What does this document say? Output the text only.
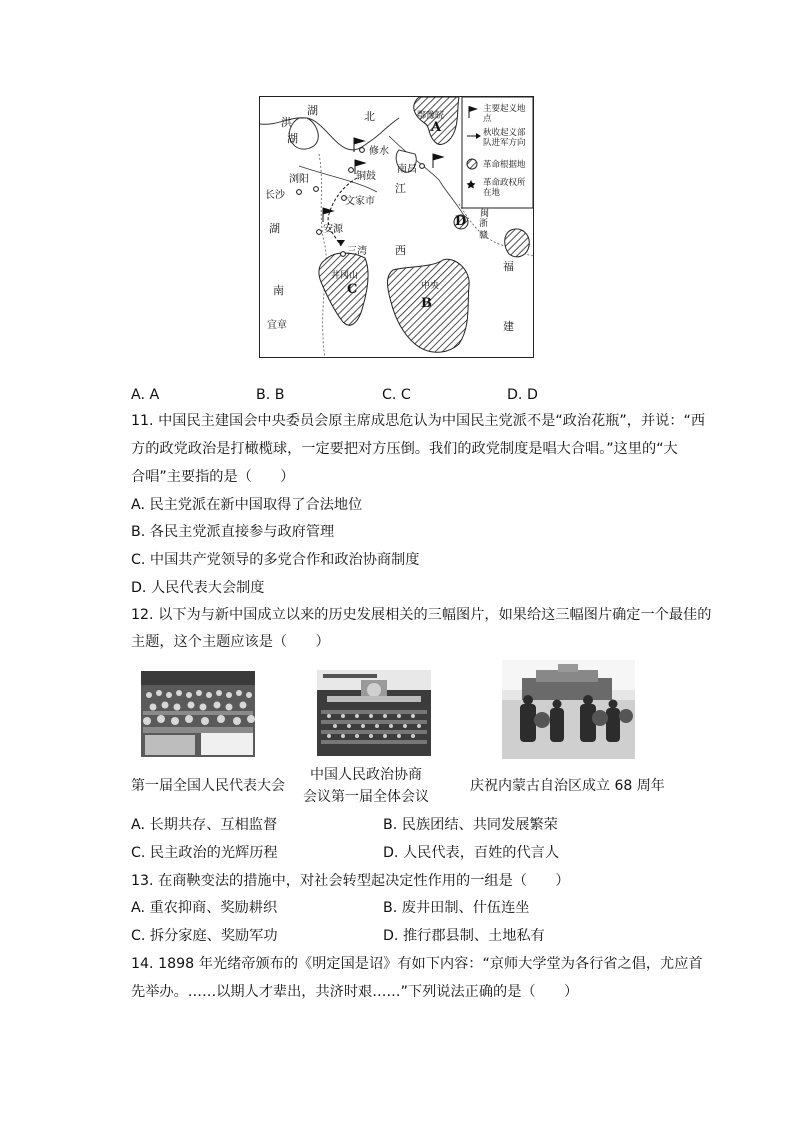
湖	北
洪
湖
鄂豫皖
A
修水
南昌
铜鼓
浏阳
江
长沙
文家市
湖	安源
闽
浙
赣
D
三湾	西
福
井冈山
中央
C
南
B
宜章	建
主要起义地点
秋收起义部队进军方向
革命根据地
革命政权所在地
A. A	B. B	C. C	D. D
11. 中国民主建国会中央委员会原主席成思危认为中国民主党派不是“政治花瓶”，并说：“西
方的政党政治是打橄榄球，一定要把对方压倒。我们的政党制度是唱大合唱。”这里的“大
合唱”主要指的是（　　）
A. 民主党派在新中国取得了合法地位
B. 各民主党派直接参与政府管理
C. 中国共产党领导的多党合作和政治协商制度
D. 人民代表大会制度
12. 以下为与新中国成立以来的历史发展相关的三幅图片，如果给这三幅图片确定一个最佳的
主题，这个主题应该是（　　）
第一届全国人民代表大会
中国人民政治协商
会议第一届全体会议
庆祝内蒙古自治区成立 68 周年
A. 长期共存、互相监督	B. 民族团结、共同发展繁荣
C. 民主政治的光辉历程	D. 人民代表，百姓的代言人
13. 在商鞅变法的措施中，对社会转型起决定性作用的一组是（　　）
A. 重农抑商、奖励耕织	B. 废井田制、什伍连坐
C. 拆分家庭、奖励军功	D. 推行郡县制、土地私有
14. 1898 年光绪帝颁布的《明定国是诏》有如下内容：“京师大学堂为各行省之倡，尤应首
先举办。……以期人才辈出，共济时艰……”下列说法正确的是（　　）
